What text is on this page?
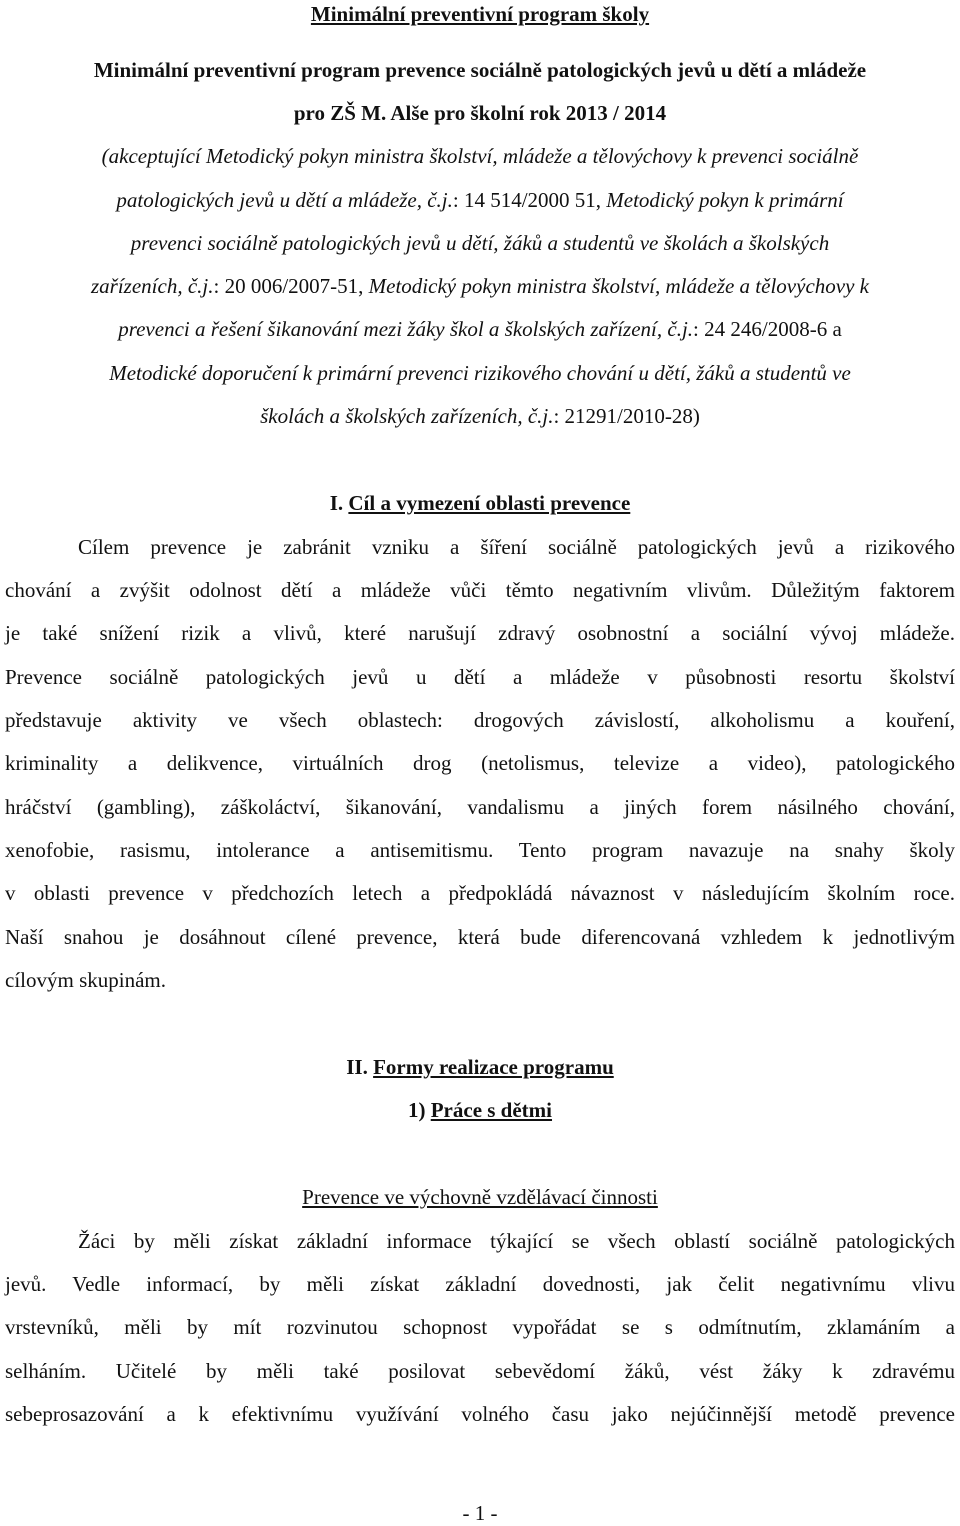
Minimální preventivní program školy
Minimální preventivní program prevence sociálně patologických jevů u dětí a mládeže
pro ZŠ M. Alše pro školní rok 2013 / 2014
(akceptující Metodický pokyn ministra školství, mládeže a tělovýchovy k prevenci sociálně
patologických jevů u dětí a mládeže, č.j.: 14 514/2000 51, Metodický pokyn k primární
prevenci sociálně patologických jevů u dětí, žáků a studentů ve školách a školských
zařízeních, č.j.: 20 006/2007-51, Metodický pokyn ministra školství, mládeže a tělovýchovy k
prevenci a řešení šikanování mezi žáky škol a školských zařízení, č.j.: 24 246/2008-6 a
Metodické doporučení k primární prevenci rizikového chování u dětí, žáků a studentů ve
školách a školských zařízeních, č.j.: 21291/2010-28)
I. Cíl a vymezení oblasti prevence
Cílem prevence je zabránit vzniku a šíření sociálně patologických jevů a rizikového
chování a zvýšit odolnost dětí a mládeže vůči těmto negativním vlivům. Důležitým faktorem
je také snížení rizik a vlivů, které narušují zdravý osobnostní a sociální vývoj mládeže.
Prevence sociálně patologických jevů u dětí a mládeže v působnosti resortu školství
představuje aktivity ve všech oblastech: drogových závislostí, alkoholismu a kouření,
kriminality a delikvence, virtuálních drog (netolismus, televize a video), patologického
hráčství (gambling), záškoláctví, šikanování, vandalismu a jiných forem násilného chování,
xenofobie, rasismu, intolerance a antisemitismu. Tento program navazuje na snahy školy
v oblasti prevence v předchozích letech a předpokládá návaznost v následujícím školním roce.
Naší snahou je dosáhnout cílené prevence, která bude diferencovaná vzhledem k jednotlivým
cílovým skupinám.
II. Formy realizace programu
1) Práce s dětmi
Prevence ve výchovně vzdělávací činnosti
Žáci by měli získat základní informace týkající se všech oblastí sociálně patologických
jevů. Vedle informací, by měli získat základní dovednosti, jak čelit negativnímu vlivu
vrstevníků, měli by mít rozvinutou schopnost vypořádat se s odmítnutím, zklamáním a
selháním. Učitelé by měli také posilovat sebevědomí žáků, vést žáky k zdravému
sebeprosazování a k efektivnímu využívání volného času jako nejúčinnější metodě prevence
- 1 -
